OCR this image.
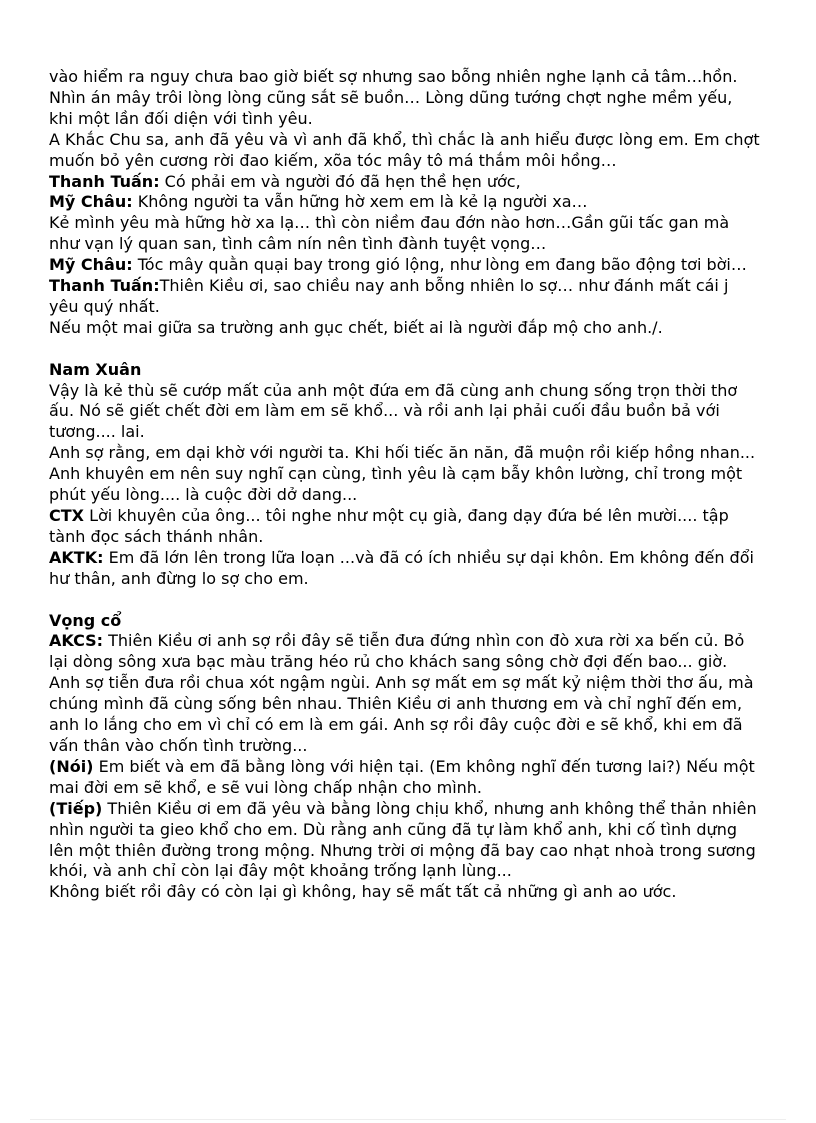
vào hiểm ra nguy chưa bao giờ biết sợ nhưng sao bỗng nhiên nghe lạnh cả tâm…hồn.
Nhìn án mây trôi lòng lòng cũng sắt sẽ buồn… Lòng dũng tướng chợt nghe mềm yếu, khi một lần đối diện với tình yêu.
A Khắc Chu sa, anh đã yêu và vì anh đã khổ, thì chắc là anh hiểu được lòng em. Em chợt muốn bỏ yên cương rời đao kiếm, xõa tóc mây tô má thắm môi hồng…
Thanh Tuấn: Có phải em và người đó đã hẹn thề hẹn ước,
Mỹ Châu: Không người ta vẫn hững hờ xem em là kẻ lạ người xa…
Kẻ mình yêu mà hững hờ xa lạ… thì còn niềm đau đớn nào hơn…Gần gũi tấc gan mà như vạn lý quan san, tình câm nín nên tình đành tuyệt vọng…
Mỹ Châu: Tóc mây quằn quại bay trong gió lộng, như lòng em đang bão động tơi bời…
Thanh Tuấn:Thiên Kiều ơi, sao chiều nay anh bỗng nhiên lo sợ… như đánh mất cái j yêu quý nhất.
Nếu một mai giữa sa trường anh gục chết, biết ai là người đắp mộ cho anh./.
Nam Xuân
Vậy là kẻ thù sẽ cướp mất của anh một đứa em đã cùng anh chung sống trọn thời thơ ấu. Nó sẽ giết chết đời em làm em sẽ khổ... và rồi anh lại phải cuối đầu buồn bả với tương.... lai.
Anh sợ rằng, em dại khờ với người ta. Khi hối tiếc ăn năn, đã muộn rồi kiếp hồng nhan... Anh khuyên em nên suy nghĩ cạn cùng, tình yêu là cạm bẫy khôn lường, chỉ trong một phút yếu lòng.... là cuộc đời dở dang...
CTX Lời khuyên của ông... tôi nghe như một cụ già, đang dạy đứa bé lên mười.... tập tành đọc sách thánh nhân.
AKTK: Em đã lớn lên trong lữa loạn ...và đã có ích nhiều sự dại khôn. Em không đến đổi hư thân, anh đừng lo sợ cho em.
Vọng cổ
AKCS: Thiên Kiều ơi anh sợ rồi đây sẽ tiễn đưa đứng nhìn con đò xưa rời xa bến củ. Bỏ lại dòng sông xưa bạc màu trăng héo rủ cho khách sang sông chờ đợi đến bao... giờ.
Anh sợ tiễn đưa rồi chua xót ngậm ngùi. Anh sợ mất em sợ mất kỷ niệm thời thơ ấu, mà chúng mình đã cùng sống bên nhau. Thiên Kiều ơi anh thương em và chỉ nghĩ đến em, anh lo lắng cho em vì chỉ có em là em gái. Anh sợ rồi đây cuộc đời e sẽ khổ, khi em đã vấn thân vào chốn tình trường...
(Nói) Em biết và em đã bằng lòng với hiện tại. (Em không nghĩ đến tương lai?) Nếu một mai đời em sẽ khổ, e sẽ vui lòng chấp nhận cho mình.
(Tiếp) Thiên Kiều ơi em đã yêu và bằng lòng chịu khổ, nhưng anh không thể thản nhiên nhìn người ta gieo khổ cho em. Dù rằng anh cũng đã tự làm khổ anh, khi cố tình dựng lên một thiên đường trong mộng. Nhưng trời ơi mộng đã bay cao nhạt nhoà trong sương khói, và anh chỉ còn lại đây một khoảng trống lạnh lùng...
Không biết rồi đây có còn lại gì không, hay sẽ mất tất cả những gì anh ao ước.
